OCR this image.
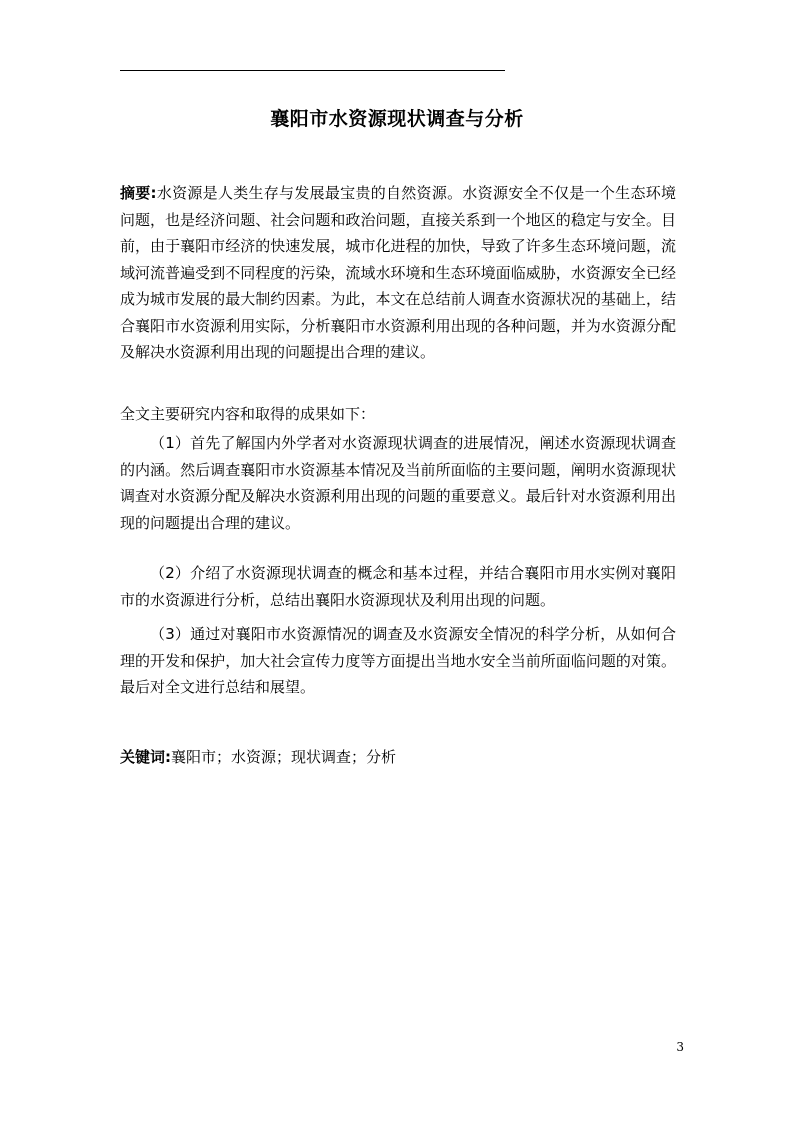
襄阳市水资源现状调查与分析

摘要:水资源是人类生存与发展最宝贵的自然资源。水资源安全不仅是一个生态环境问题，也是经济问题、社会问题和政治问题，直接关系到一个地区的稳定与安全。目前，由于襄阳市经济的快速发展，城市化进程的加快，导致了许多生态环境问题，流域河流普遍受到不同程度的污染，流域水环境和生态环境面临威胁，水资源安全已经成为城市发展的最大制约因素。为此，本文在总结前人调查水资源状况的基础上，结合襄阳市水资源利用实际，分析襄阳市水资源利用出现的各种问题，并为水资源分配及解决水资源利用出现的问题提出合理的建议。

全文主要研究内容和取得的成果如下：

（1）首先了解国内外学者对水资源现状调查的进展情况，阐述水资源现状调查的内涵。然后调查襄阳市水资源基本情况及当前所面临的主要问题，阐明水资源现状调查对水资源分配及解决水资源利用出现的问题的重要意义。最后针对水资源利用出现的问题提出合理的建议。

（2）介绍了水资源现状调查的概念和基本过程，并结合襄阳市用水实例对襄阳市的水资源进行分析，总结出襄阳水资源现状及利用出现的问题。

（3）通过对襄阳市水资源情况的调查及水资源安全情况的科学分析，从如何合理的开发和保护，加大社会宣传力度等方面提出当地水安全当前所面临问题的对策。最后对全文进行总结和展望。

关键词:襄阳市；水资源；现状调查；分析

3
